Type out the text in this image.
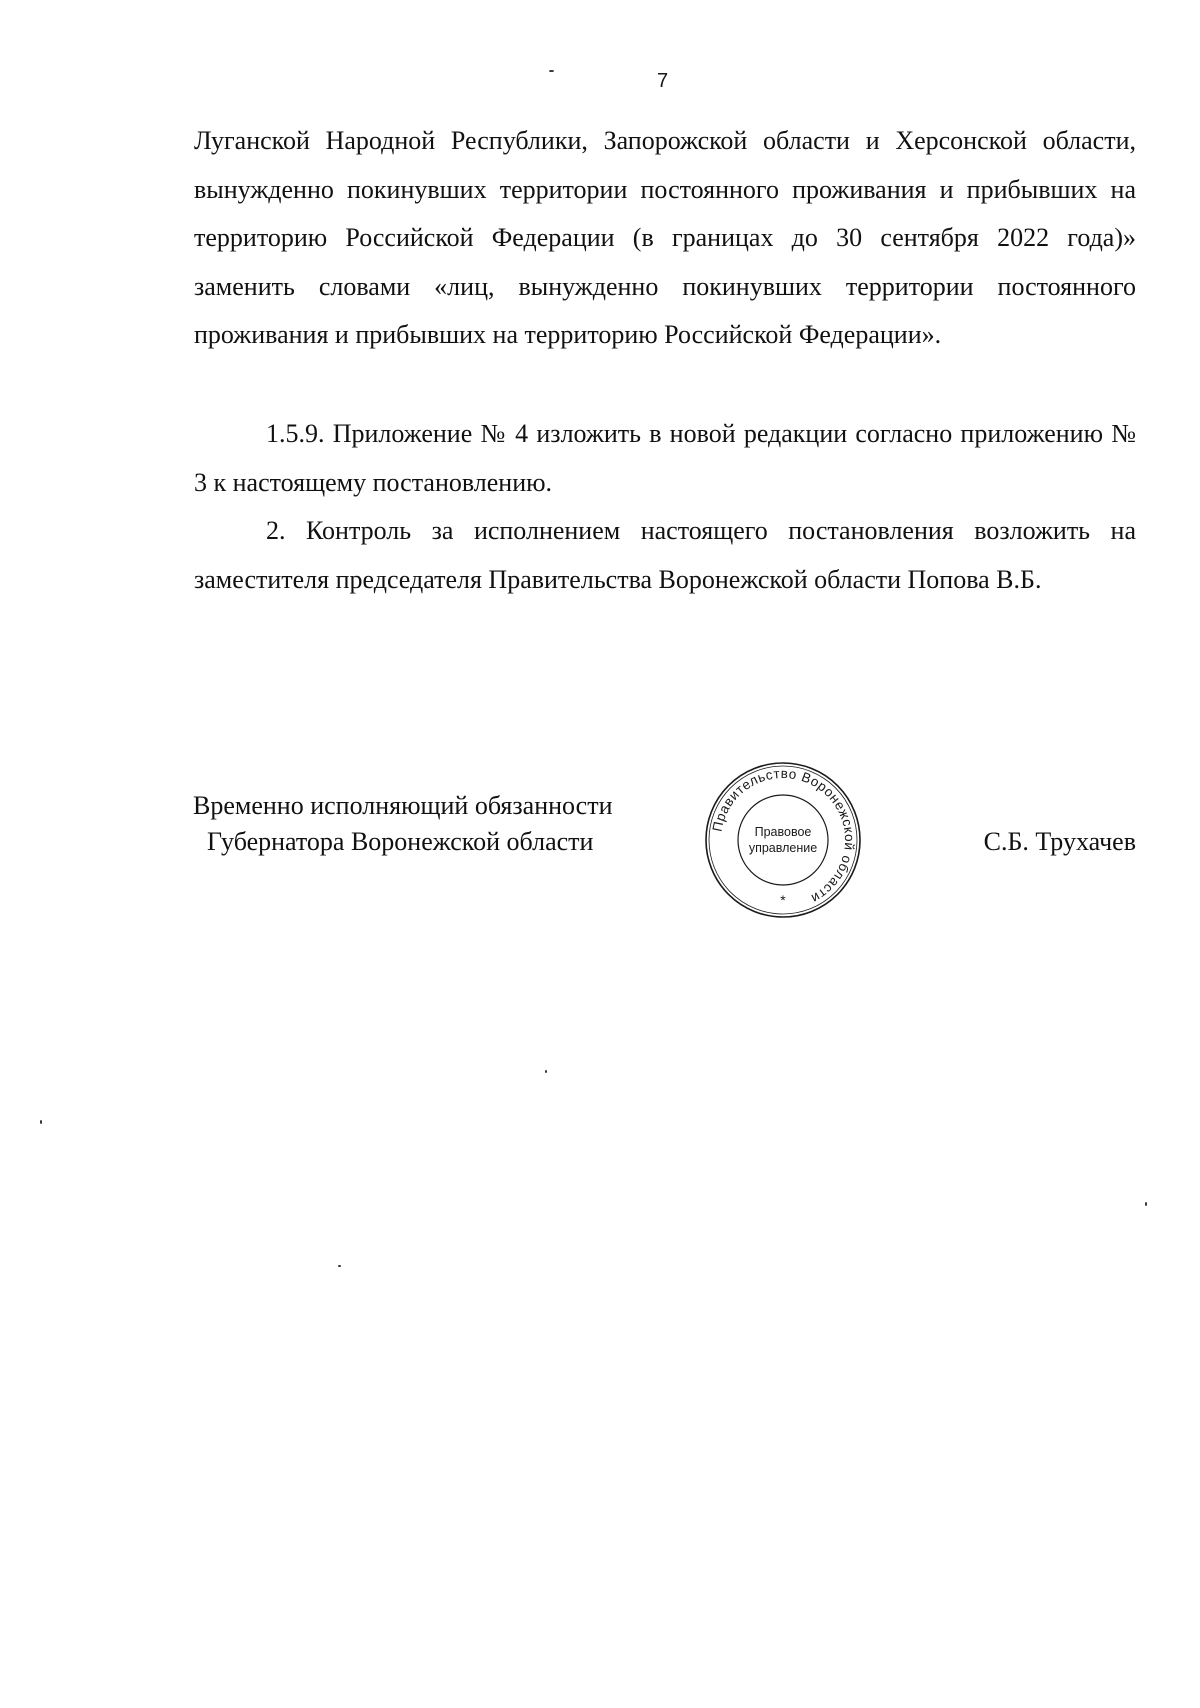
7
Луганской Народной Республики, Запорожской области и Херсонской области, вынужденно покинувших территории постоянного проживания и прибывших на территорию Российской Федерации (в границах до 30 сентября 2022 года)» заменить словами «лиц, вынужденно покинувших территории постоянного проживания и прибывших на территорию Российской Федерации».
1.5.9. Приложение № 4 изложить в новой редакции согласно приложению № 3 к настоящему постановлению.
2. Контроль за исполнением настоящего постановления возложить на заместителя председателя Правительства Воронежской области Попова В.Б.
Временно исполняющий обязанности
Губернатора Воронежской области
Правительство Воронежской области
Правовое
управление
*
С.Б. Трухачев
